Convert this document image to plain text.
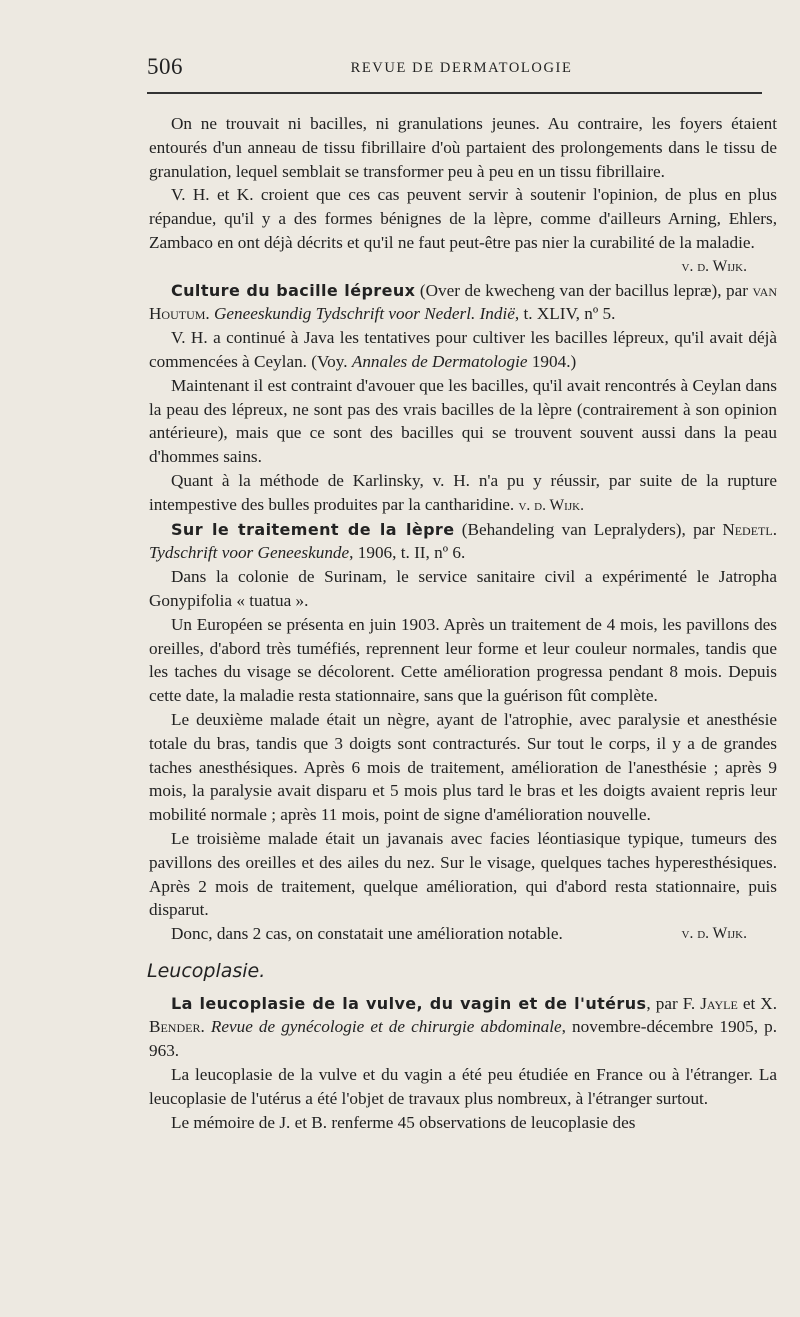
506	REVUE DE DERMATOLOGIE

On ne trouvait ni bacilles, ni granulations jeunes. Au contraire, les foyers étaient entourés d'un anneau de tissu fibrillaire d'où partaient des prolongements dans le tissu de granulation, lequel semblait se transformer peu à peu en un tissu fibrillaire.

V. H. et K. croient que ces cas peuvent servir à soutenir l'opinion, de plus en plus répandue, qu'il y a des formes bénignes de la lèpre, comme d'ailleurs Arning, Ehlers, Zambaco en ont déjà décrits et qu'il ne faut peut-être pas nier la curabilité de la maladie.
v. d. Wijk.

Culture du bacille lépreux (Over de kwecheng van der bacillus lepræ), par van Houtum. Geneeskundig Tydschrift voor Nederl. Indië, t. XLIV, nº 5.

V. H. a continué à Java les tentatives pour cultiver les bacilles lépreux, qu'il avait déjà commencées à Ceylan. (Voy. Annales de Dermatologie 1904.)

Maintenant il est contraint d'avouer que les bacilles, qu'il avait rencontrés à Ceylan dans la peau des lépreux, ne sont pas des vrais bacilles de la lèpre (contrairement à son opinion antérieure), mais que ce sont des bacilles qui se trouvent souvent aussi dans la peau d'hommes sains.

Quant à la méthode de Karlinsky, v. H. n'a pu y réussir, par suite de la rupture intempestive des bulles produites par la cantharidine. v. d. Wijk.

Sur le traitement de la lèpre (Behandeling van Lepralyders), par Nedetl. Tydschrift voor Geneeskunde, 1906, t. II, nº 6.

Dans la colonie de Surinam, le service sanitaire civil a expérimenté le Jatropha Gonypifolia « tuatua ».

Un Européen se présenta en juin 1903. Après un traitement de 4 mois, les pavillons des oreilles, d'abord très tuméfiés, reprennent leur forme et leur couleur normales, tandis que les taches du visage se décolorent. Cette amélioration progressa pendant 8 mois. Depuis cette date, la maladie resta stationnaire, sans que la guérison fût complète.

Le deuxième malade était un nègre, ayant de l'atrophie, avec paralysie et anesthésie totale du bras, tandis que 3 doigts sont contracturés. Sur tout le corps, il y a de grandes taches anesthésiques. Après 6 mois de traitement, amélioration de l'anesthésie ; après 9 mois, la paralysie avait disparu et 5 mois plus tard le bras et les doigts avaient repris leur mobilité normale ; après 11 mois, point de signe d'amélioration nouvelle.

Le troisième malade était un javanais avec facies léontiasique typique, tumeurs des pavillons des oreilles et des ailes du nez. Sur le visage, quelques taches hyperesthésiques. Après 2 mois de traitement, quelque amélioration, qui d'abord resta stationnaire, puis disparut.

Donc, dans 2 cas, on constatait une amélioration notable.	v. d. Wijk.

Leucoplasie.

La leucoplasie de la vulve, du vagin et de l'utérus, par F. Jayle et X. Bender. Revue de gynécologie et de chirurgie abdominale, novembre-décembre 1905, p. 963.

La leucoplasie de la vulve et du vagin a été peu étudiée en France ou à l'étranger. La leucoplasie de l'utérus a été l'objet de travaux plus nombreux, à l'étranger surtout.

Le mémoire de J. et B. renferme 45 observations de leucoplasie des
